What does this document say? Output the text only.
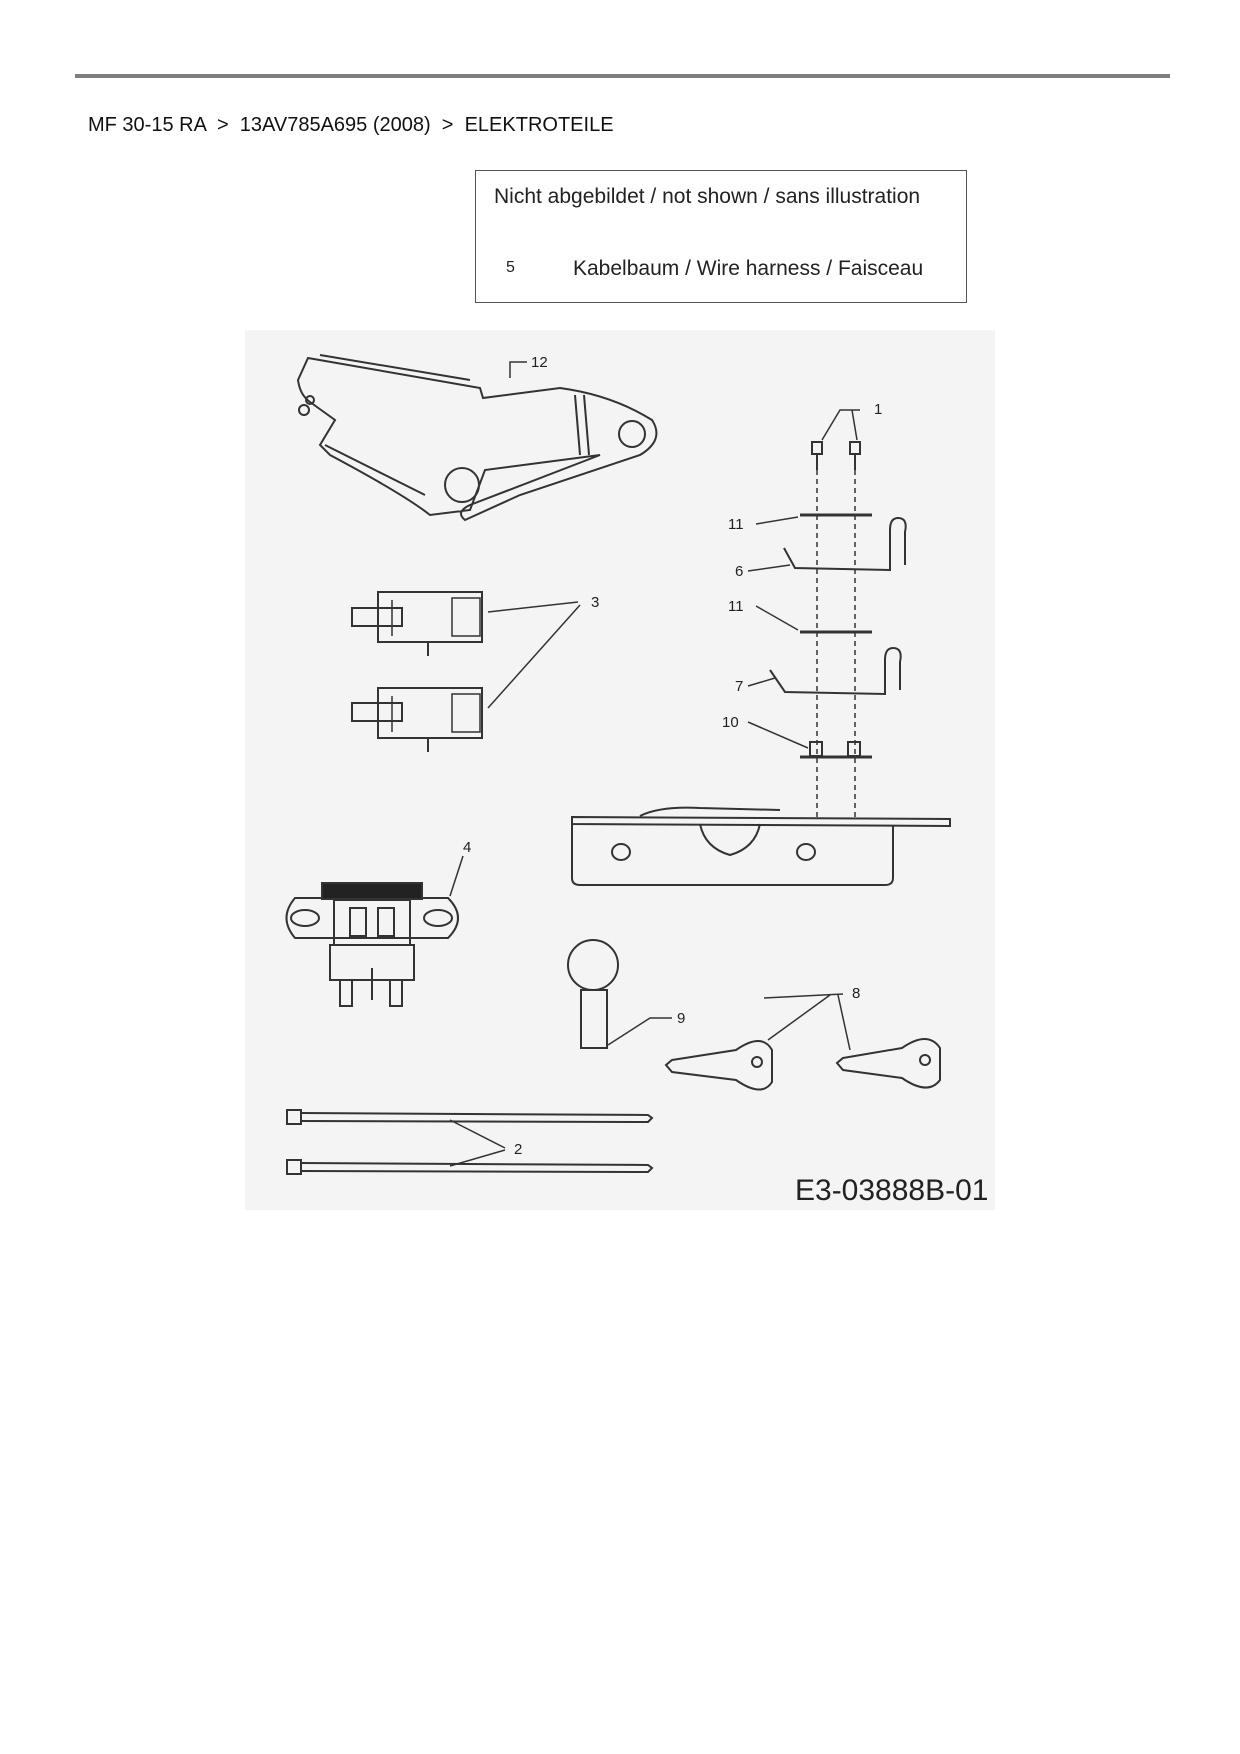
MF 30-15 RA > 13AV785A695 (2008) > ELEKTROTEILE
12
3
4
9
8
2
1
11
6
11
7
10
E3-03888B-01
Nicht abgebildet / not shown / sans illustration
5	Kabelbaum / Wire harness / Faisceau
